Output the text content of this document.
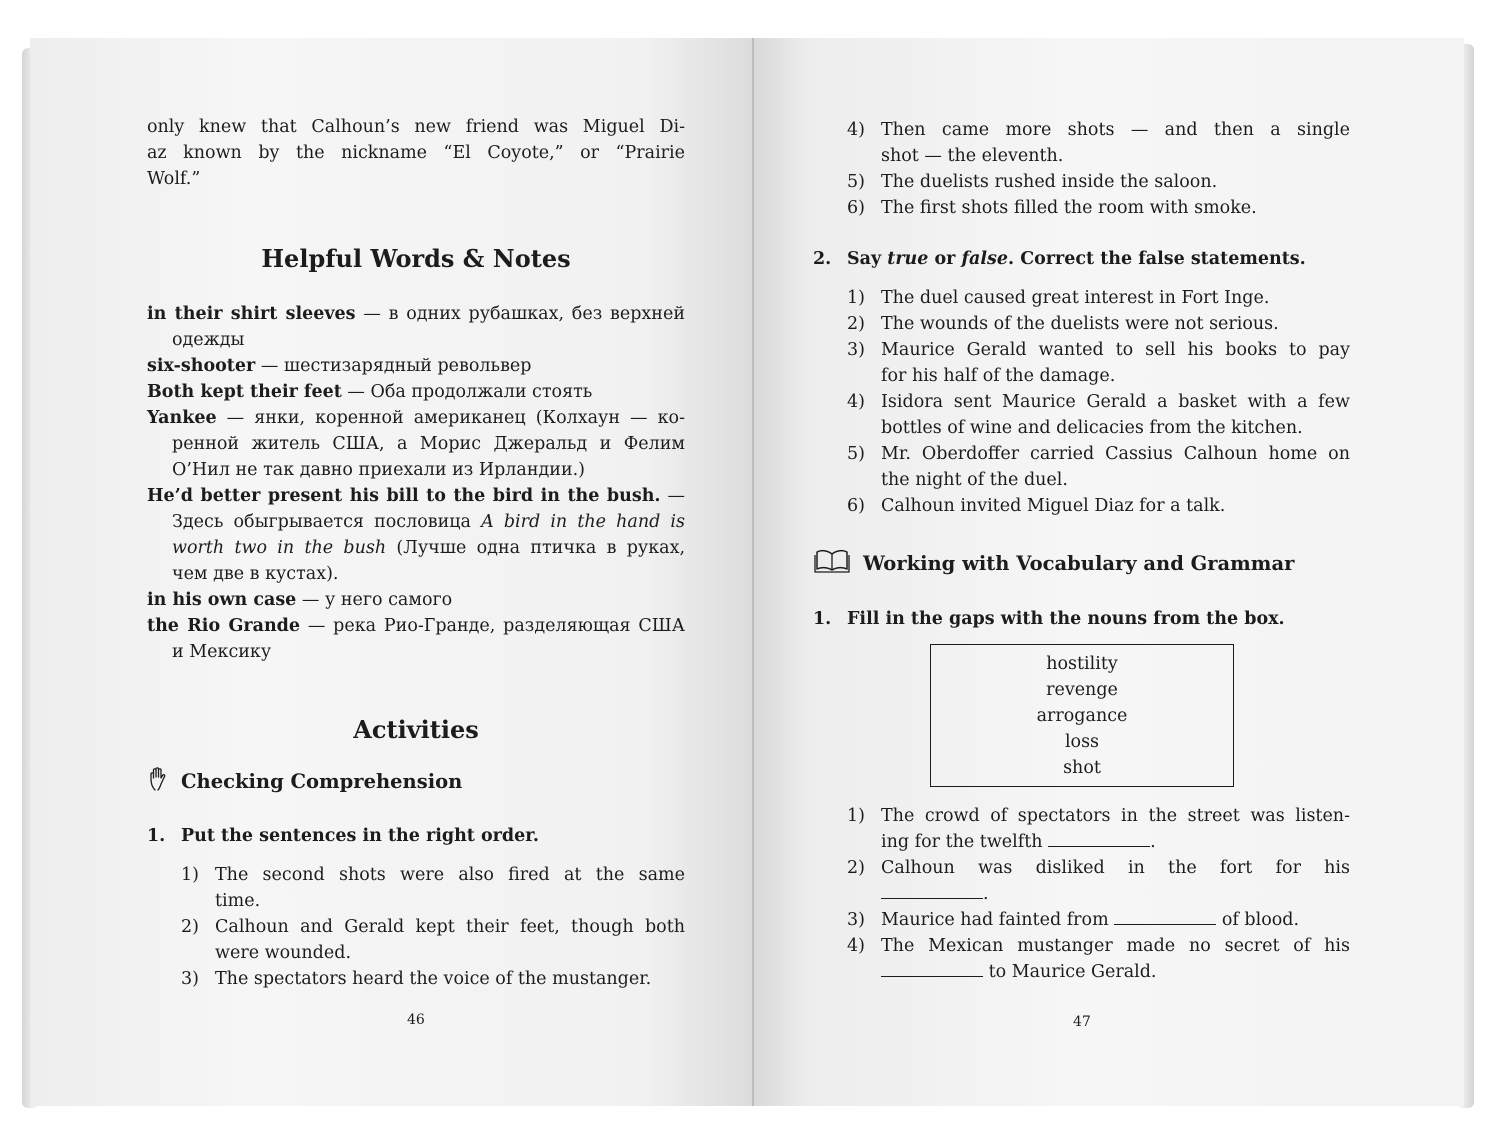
only knew that Calhoun’s new friend was Miguel Di-
az known by the nickname “El Coyote,” or “Prairie
Wolf.”
Helpful Words & Notes
in their shirt sleeves — в одних рубашках, без верхней
одежды
six-shooter — шестизарядный револьвер
Both kept their feet — Оба продолжали стоять
Yankee — янки, коренной американец (Колхаун — ко-
ренной житель США, а Морис Джеральд и Фелим
О’Нил не так давно приехали из Ирландии.)
He’d better present his bill to the bird in the bush. —
Здесь обыгрывается пословица A bird in the hand is
worth two in the bush (Лучше одна птичка в руках,
чем две в кустах).
in his own case — у него самого
the Rio Grande — река Рио-Гранде, разделяющая США
и Мексику
Activities
Checking Comprehension
1. Put the sentences in the right order.
1) The second shots were also fired at the same
time.
2) Calhoun and Gerald kept their feet, though both
were wounded.
3) The spectators heard the voice of the mustanger.
46
4) Then came more shots — and then a single
shot — the eleventh.
5) The duelists rushed inside the saloon.
6) The first shots filled the room with smoke.
2. Say true or false. Correct the false statements.
1) The duel caused great interest in Fort Inge.
2) The wounds of the duelists were not serious.
3) Maurice Gerald wanted to sell his books to pay
for his half of the damage.
4) Isidora sent Maurice Gerald a basket with a few
bottles of wine and delicacies from the kitchen.
5) Mr. Oberdoffer carried Cassius Calhoun home on
the night of the duel.
6) Calhoun invited Miguel Diaz for a talk.
Working with Vocabulary and Grammar
1. Fill in the gaps with the nouns from the box.
hostility
revenge
arrogance
loss
shot
1) The crowd of spectators in the street was listen-
ing for the twelfth	.
2) Calhoun was disliked in the fort for his
.
3) Maurice had fainted from	of blood.
4) The Mexican mustanger made no secret of his
to Maurice Gerald.
47
